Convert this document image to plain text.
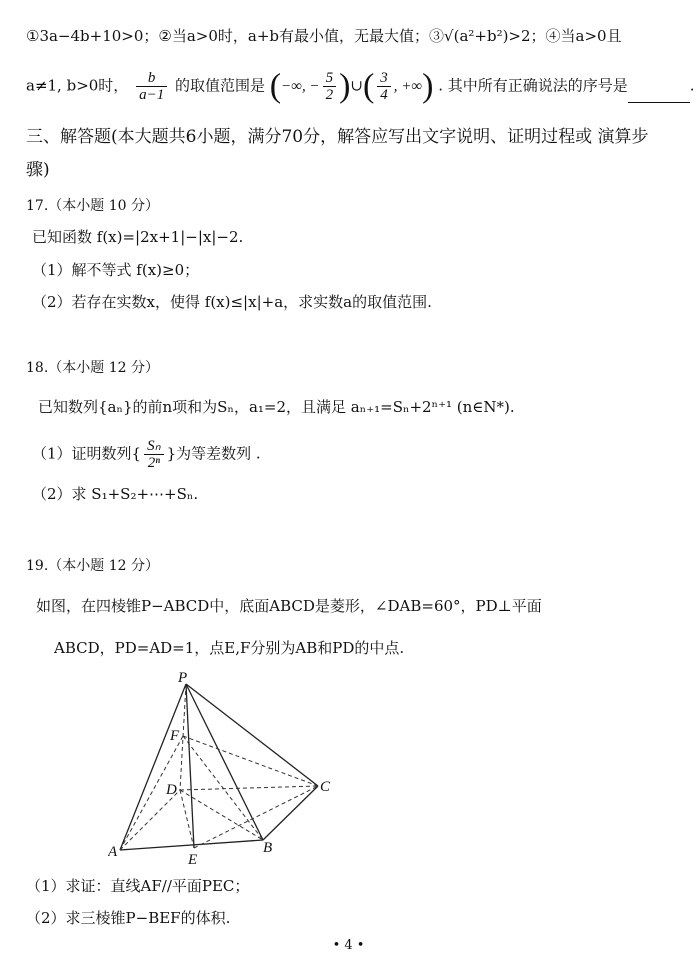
①3a−4b+10>0；②当a>0时，a+b有最小值，无最大值；③√(a²+b²)>2；④当a>0且
a≠1, b>0时， $\frac{b}{a-1}$ 的取值范围是 (−∞, − $\frac{5}{2}$ )∪( $\frac{3}{4}$ , +∞) . 其中所有正确说法的序号是	.
三、解答题(本大题共6小题，满分70分，解答应写出文字说明、证明过程或 演算步
骤)
17.（本小题 10 分）
已知函数 f(x)=|2x+1|−|x|−2.
（1）解不等式 f(x)≥0；
（2）若存在实数x，使得 f(x)≤|x|+a，求实数a的取值范围.
18.（本小题 12 分）
已知数列{aₙ}的前n项和为Sₙ，a₁=2，且满足 aₙ₊₁=Sₙ+2ⁿ⁺¹ (n∈N*).
（1）证明数列{ $\frac{\text{Sₙ}}{\text{2ⁿ}}$ }为等差数列 .
（2）求 S₁+S₂+⋯+Sₙ.
19.（本小题 12 分）
如图，在四棱锥P−ABCD中，底面ABCD是菱形，∠DAB=60°，PD⊥平面
ABCD，PD=AD=1，点E,F分别为AB和PD的中点.
P
F
D	C
A	E
B
（1）求证：直线AF//平面PEC；
（2）求三棱锥P−BEF的体积.
• 4 •
